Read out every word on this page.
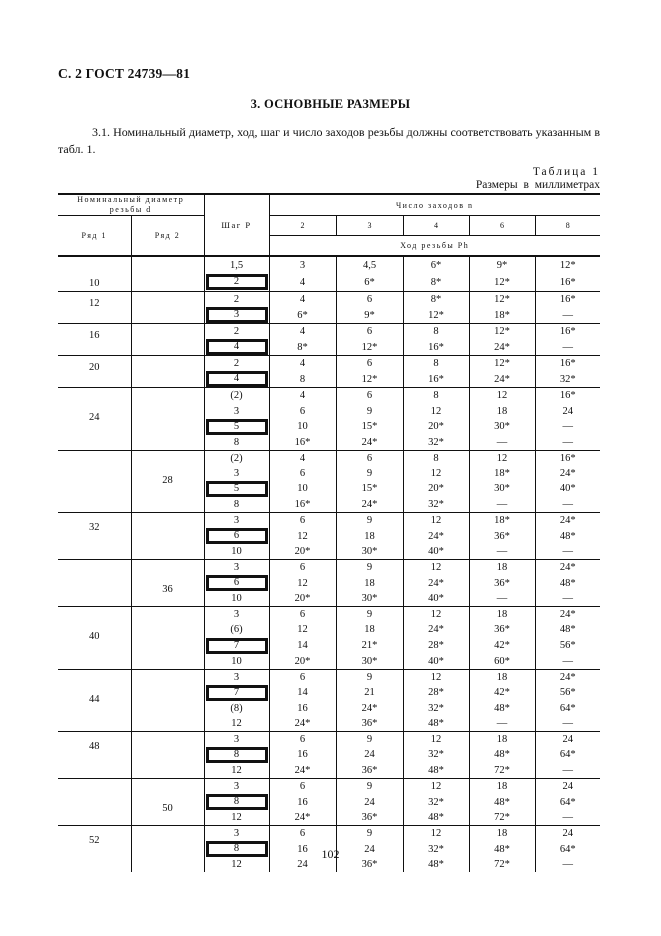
С. 2 ГОСТ 24739—81
3. ОСНОВНЫЕ РАЗМЕРЫ
3.1. Номинальный диаметр, ход, шаг и число заходов резьбы должны соответствовать указанным в табл. 1.
Таблица 1
Размеры в миллиметрах
Номинальный диаметр резьбы d		Шаг P	Число заходов n				
Ряд 1	Ряд 2		2	3	4	6	8
			Ход резьбы Ph				

10		1,5	3	4,5	6*	9*	12*

		2	4	6*	8*	12*	16*

12		2	4	6	8*	12*	16*

		3	6*	9*	12*	18*	—

16		2	4	6	8	12*	16*

		4	8*	12*	16*	24*	—

20		2	4	6	8	12*	16*

		4	8	12*	16*	24*	32*

24		(2)	4	6	8	12	16*
		3	6	9	12	18	24

		5	10	15*	20*	30*	—
		8	16*	24*	32*	—	—

	28	(2)	4	6	8	12	16*
		3	6	9	12	18*	24*

		5	10	15*	20*	30*	40*
		8	16*	24*	32*	—	—

32		3	6	9	12	18*	24*

		6	12	18	24*	36*	48*
		10	20*	30*	40*	—	—

	36	3	6	9	12	18	24*

		6	12	18	24*	36*	48*
		10	20*	30*	40*	—	—

40		3	6	9	12	18	24*
		(6)	12	18	24*	36*	48*

		7	14	21*	28*	42*	56*
		10	20*	30*	40*	60*	—

44		3	6	9	12	18	24*

		7	14	21	28*	42*	56*
		(8)	16	24*	32*	48*	64*
		12	24*	36*	48*	—	—

48		3	6	9	12	18	24

		8	16	24	32*	48*	64*
		12	24*	36*	48*	72*	—

	50	3	6	9	12	18	24

		8	16	24	32*	48*	64*
		12	24*	36*	48*	72*	—

52		3	6	9	12	18	24

		8	16	24	32*	48*	64*
		12	24	36*	48*	72*	—
102
